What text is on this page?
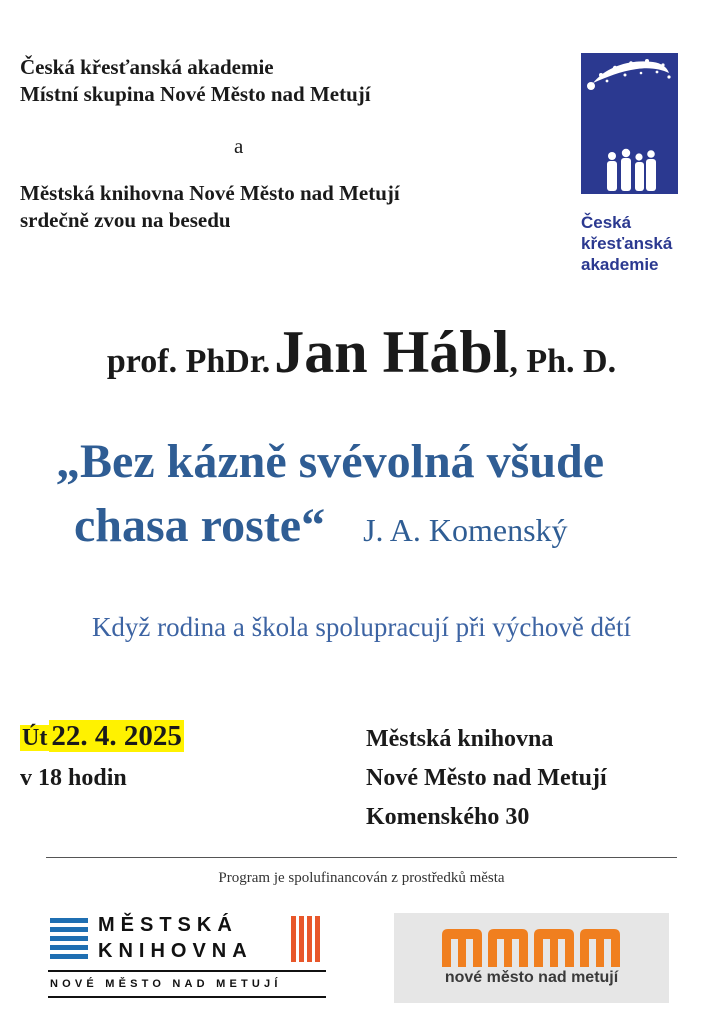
Česká křesťanská akademie
Místní skupina Nové Město nad Metují
a
Městská knihovna Nové Město nad Metují
srdečně zvou na besedu	Česká
křesťanská
akademie
prof. PhDr. Jan Hábl, Ph. D.
„Bez kázně svévolná všude
chasa roste“ J. A. Komenský
Když rodina a škola spolupracují při výchově dětí
Út 22. 4. 2025
v 18 hodin
Městská knihovna
Nové Město nad Metují
Komenského 30
Program je spolufinancován z prostředků města
MĚSTSKÁ
KNIHOVNA
NOVÉ MĚSTO NAD METUJÍ	nové město nad metují
